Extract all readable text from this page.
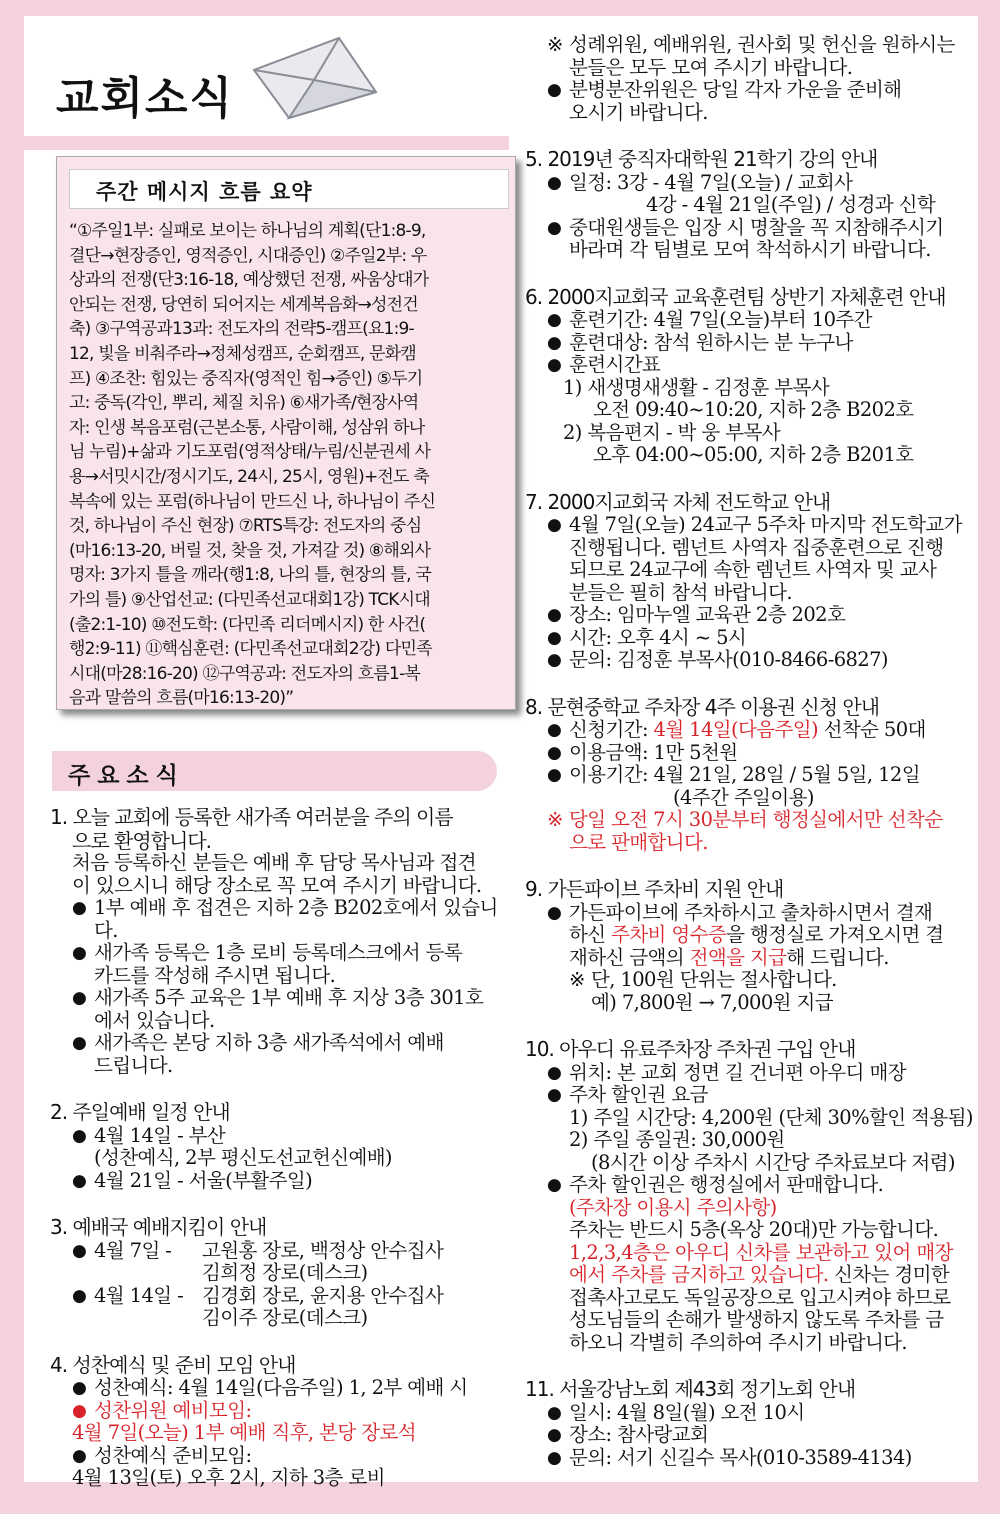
교회소식
주간 메시지 흐름 요약
“①주일1부: 실패로 보이는 하나님의 계획(단1:8-9,
결단→현장증인, 영적증인, 시대증인) ②주일2부: 우
상과의 전쟁(단3:16-18, 예상했던 전쟁, 싸움상대가
안되는 전쟁, 당연히 되어지는 세계복음화→성전건
축) ③구역공과13과: 전도자의 전략5-캠프(요1:9-
12, 빛을 비춰주라→정체성캠프, 순회캠프, 문화캠
프) ④조찬: 힘있는 중직자(영적인 힘→증인) ⑤두기
고: 중독(각인, 뿌리, 체질 치유) ⑥새가족/현장사역
자: 인생 복음포럼(근본소통, 사람이해, 성삼위 하나
님 누림)+삶과 기도포럼(영적상태/누림/신분권세 사
용→서밋시간/정시기도, 24시, 25시, 영원)+전도 축
복속에 있는 포럼(하나님이 만드신 나, 하나님이 주신
것, 하나님이 주신 현장) ⑦RTS특강: 전도자의 중심
(마16:13-20, 버릴 것, 찾을 것, 가져갈 것) ⑧해외사
명자: 3가지 틀을 깨라(행1:8, 나의 틀, 현장의 틀, 국
가의 틀) ⑨산업선교: (다민족선교대회1강) TCK시대
(출2:1-10) ⑩전도학: (다민족 리더메시지) 한 사건(
행2:9-11) ⑪핵심훈련: (다민족선교대회2강) 다민족
시대(마28:16-20) ⑫구역공과: 전도자의 흐름1-복
음과 말씀의 흐름(마16:13-20)”
주요소식
1. 오늘 교회에 등록한 새가족 여러분을 주의 이름
으로 환영합니다.
처음 등록하신 분들은 예배 후 담당 목사님과 접견
이 있으시니 해당 장소로 꼭 모여 주시기 바랍니다.
● 1부 예배 후 접견은 지하 2층 B202호에서 있습니다.
● 새가족 등록은 1층 로비 등록데스크에서 등록
카드를 작성해 주시면 됩니다.
● 새가족 5주 교육은 1부 예배 후 지상 3층 301호
에서 있습니다.
● 새가족은 본당 지하 3층 새가족석에서 예배
드립니다.
2. 주일예배 일정 안내
● 4월 14일 - 부산
(성찬예식, 2부 평신도선교헌신예배)
● 4월 21일 - 서울(부활주일)
3. 예배국 예배지킴이 안내
● 4월 7일 - 고원홍 장로, 백정상 안수집사
김희정 장로(데스크)
● 4월 14일 - 김경회 장로, 윤지용 안수집사
김이주 장로(데스크)
4. 성찬예식 및 준비 모임 안내
● 성찬예식: 4월 14일(다음주일) 1, 2부 예배 시
● 성찬위원 예비모임:
4월 7일(오늘) 1부 예배 직후, 본당 장로석
● 성찬예식 준비모임:
4월 13일(토) 오후 2시, 지하 3층 로비
※ 성례위원, 예배위원, 권사회 및 헌신을 원하시는
분들은 모두 모여 주시기 바랍니다.
● 분병분잔위원은 당일 각자 가운을 준비해
오시기 바랍니다.
5. 2019년 중직자대학원 21학기 강의 안내
● 일정: 3강 - 4월 7일(오늘) / 교회사
4강 - 4월 21일(주일) / 성경과 신학
● 중대원생들은 입장 시 명찰을 꼭 지참해주시기
바라며 각 팀별로 모여 착석하시기 바랍니다.
6. 2000지교회국 교육훈련팀 상반기 자체훈련 안내
● 훈련기간: 4월 7일(오늘)부터 10주간
● 훈련대상: 참석 원하시는 분 누구나
● 훈련시간표
1) 새생명새생활 - 김정훈 부목사
오전 09:40~10:20, 지하 2층 B202호
2) 복음편지 - 박 웅 부목사
오후 04:00~05:00, 지하 2층 B201호
7. 2000지교회국 자체 전도학교 안내
● 4월 7일(오늘) 24교구 5주차 마지막 전도학교가
진행됩니다. 렘넌트 사역자 집중훈련으로 진행
되므로 24교구에 속한 렘넌트 사역자 및 교사
분들은 필히 참석 바랍니다.
● 장소: 임마누엘 교육관 2층 202호
● 시간: 오후 4시 ~ 5시
● 문의: 김정훈 부목사(010-8466-6827)
8. 문현중학교 주차장 4주 이용권 신청 안내
● 신청기간: 4월 14일(다음주일) 선착순 50대
● 이용금액: 1만 5천원
● 이용기간: 4월 21일, 28일 / 5월 5일, 12일
(4주간 주일이용)
※ 당일 오전 7시 30분부터 행정실에서만 선착순
으로 판매합니다.
9. 가든파이브 주차비 지원 안내
● 가든파이브에 주차하시고 출차하시면서 결재
하신 주차비 영수증을 행정실로 가져오시면 결
재하신 금액의 전액을 지급해 드립니다.
※ 단, 100원 단위는 절사합니다.
예) 7,800원 → 7,000원 지급
10. 아우디 유료주차장 주차권 구입 안내
● 위치: 본 교회 정면 길 건너편 아우디 매장
● 주차 할인권 요금
1) 주일 시간당: 4,200원 (단체 30%할인 적용됨)
2) 주일 종일권: 30,000원
(8시간 이상 주차시 시간당 주차료보다 저렴)
● 주차 할인권은 행정실에서 판매합니다.
(주차장 이용시 주의사항)
주차는 반드시 5층(옥상 20대)만 가능합니다.
1,2,3,4층은 아우디 신차를 보관하고 있어 매장
에서 주차를 금지하고 있습니다. 신차는 경미한
접촉사고로도 독일공장으로 입고시켜야 하므로
성도님들의 손해가 발생하지 않도록 주차를 금
하오니 각별히 주의하여 주시기 바랍니다.
11. 서울강남노회 제43회 정기노회 안내
● 일시: 4월 8일(월) 오전 10시
● 장소: 참사랑교회
● 문의: 서기 신길수 목사(010-3589-4134)
